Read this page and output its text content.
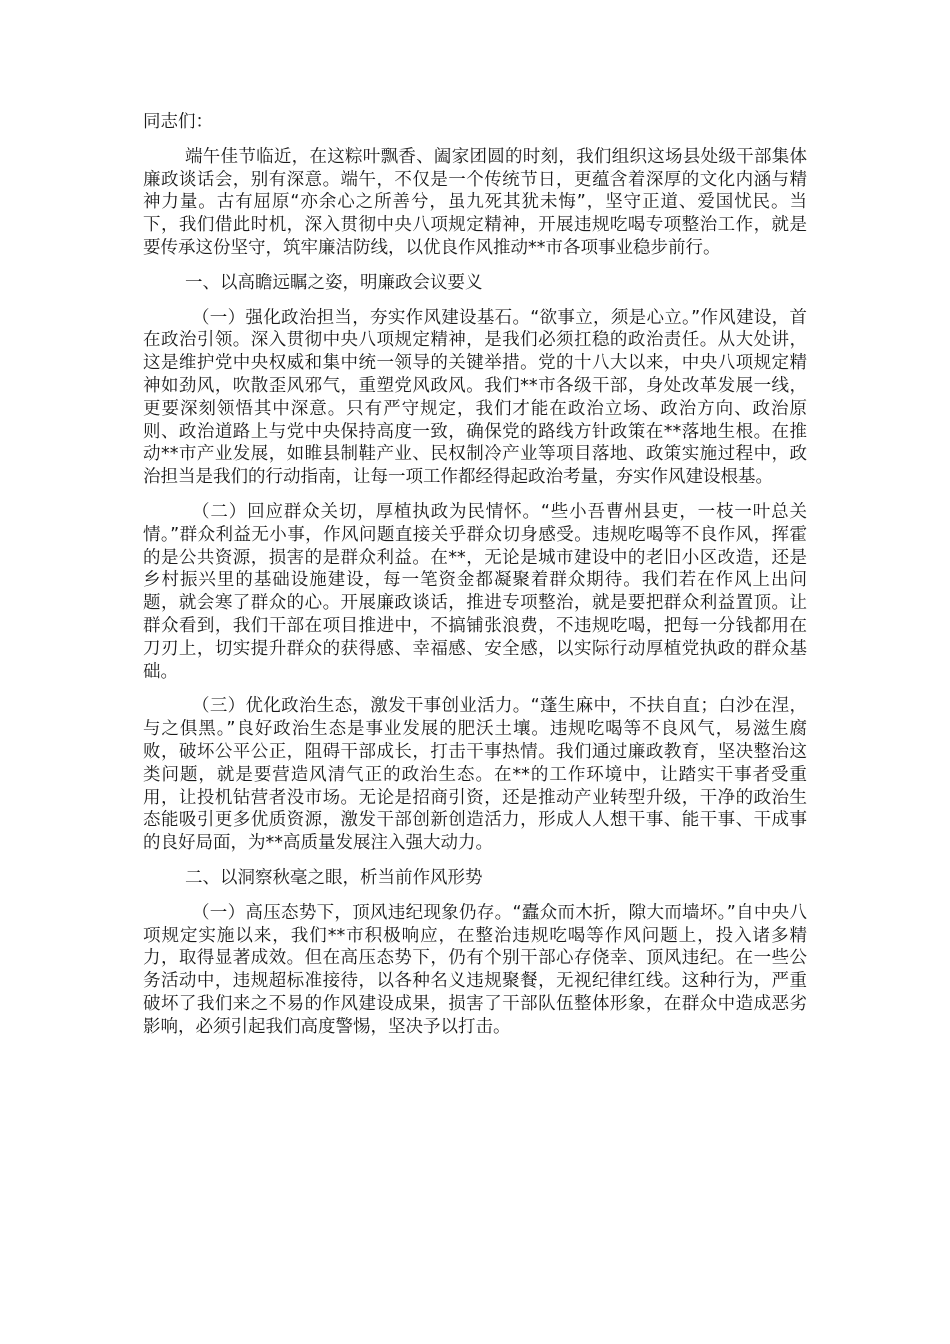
同志们：

端午佳节临近，在这粽叶飘香、阖家团圆的时刻，我们组织这场县处级干部集体廉政谈话会，别有深意。端午，不仅是一个传统节日，更蕴含着深厚的文化内涵与精神力量。古有屈原“亦余心之所善兮，虽九死其犹未悔”，坚守正道、爱国忧民。当下，我们借此时机，深入贯彻中央八项规定精神，开展违规吃喝专项整治工作，就是要传承这份坚守，筑牢廉洁防线，以优良作风推动**市各项事业稳步前行。

一、以高瞻远瞩之姿，明廉政会议要义

（一）强化政治担当，夯实作风建设基石。“欲事立，须是心立。”作风建设，首在政治引领。深入贯彻中央八项规定精神，是我们必须扛稳的政治责任。从大处讲，这是维护党中央权威和集中统一领导的关键举措。党的十八大以来，中央八项规定精神如劲风，吹散歪风邪气，重塑党风政风。我们**市各级干部，身处改革发展一线，更要深刻领悟其中深意。只有严守规定，我们才能在政治立场、政治方向、政治原则、政治道路上与党中央保持高度一致，确保党的路线方针政策在**落地生根。在推动**市产业发展，如睢县制鞋产业、民权制冷产业等项目落地、政策实施过程中，政治担当是我们的行动指南，让每一项工作都经得起政治考量，夯实作风建设根基。

（二）回应群众关切，厚植执政为民情怀。“些小吾曹州县吏，一枝一叶总关情。”群众利益无小事，作风问题直接关乎群众切身感受。违规吃喝等不良作风，挥霍的是公共资源，损害的是群众利益。在**，无论是城市建设中的老旧小区改造，还是乡村振兴里的基础设施建设，每一笔资金都凝聚着群众期待。我们若在作风上出问题，就会寒了群众的心。开展廉政谈话，推进专项整治，就是要把群众利益置顶。让群众看到，我们干部在项目推进中，不搞铺张浪费，不违规吃喝，把每一分钱都用在刀刃上，切实提升群众的获得感、幸福感、安全感，以实际行动厚植党执政的群众基础。

（三）优化政治生态，激发干事创业活力。“蓬生麻中，不扶自直；白沙在涅，与之俱黑。”良好政治生态是事业发展的肥沃土壤。违规吃喝等不良风气，易滋生腐败，破坏公平公正，阻碍干部成长，打击干事热情。我们通过廉政教育，坚决整治这类问题，就是要营造风清气正的政治生态。在**的工作环境中，让踏实干事者受重用，让投机钻营者没市场。无论是招商引资，还是推动产业转型升级，干净的政治生态能吸引更多优质资源，激发干部创新创造活力，形成人人想干事、能干事、干成事的良好局面，为**高质量发展注入强大动力。

二、以洞察秋毫之眼，析当前作风形势

（一）高压态势下，顶风违纪现象仍存。“蠹众而木折，隙大而墙坏。”自中央八项规定实施以来，我们**市积极响应，在整治违规吃喝等作风问题上，投入诸多精力，取得显著成效。但在高压态势下，仍有个别干部心存侥幸、顶风违纪。在一些公务活动中，违规超标准接待，以各种名义违规聚餐，无视纪律红线。这种行为，严重破坏了我们来之不易的作风建设成果，损害了干部队伍整体形象，在群众中造成恶劣影响，必须引起我们高度警惕，坚决予以打击。
